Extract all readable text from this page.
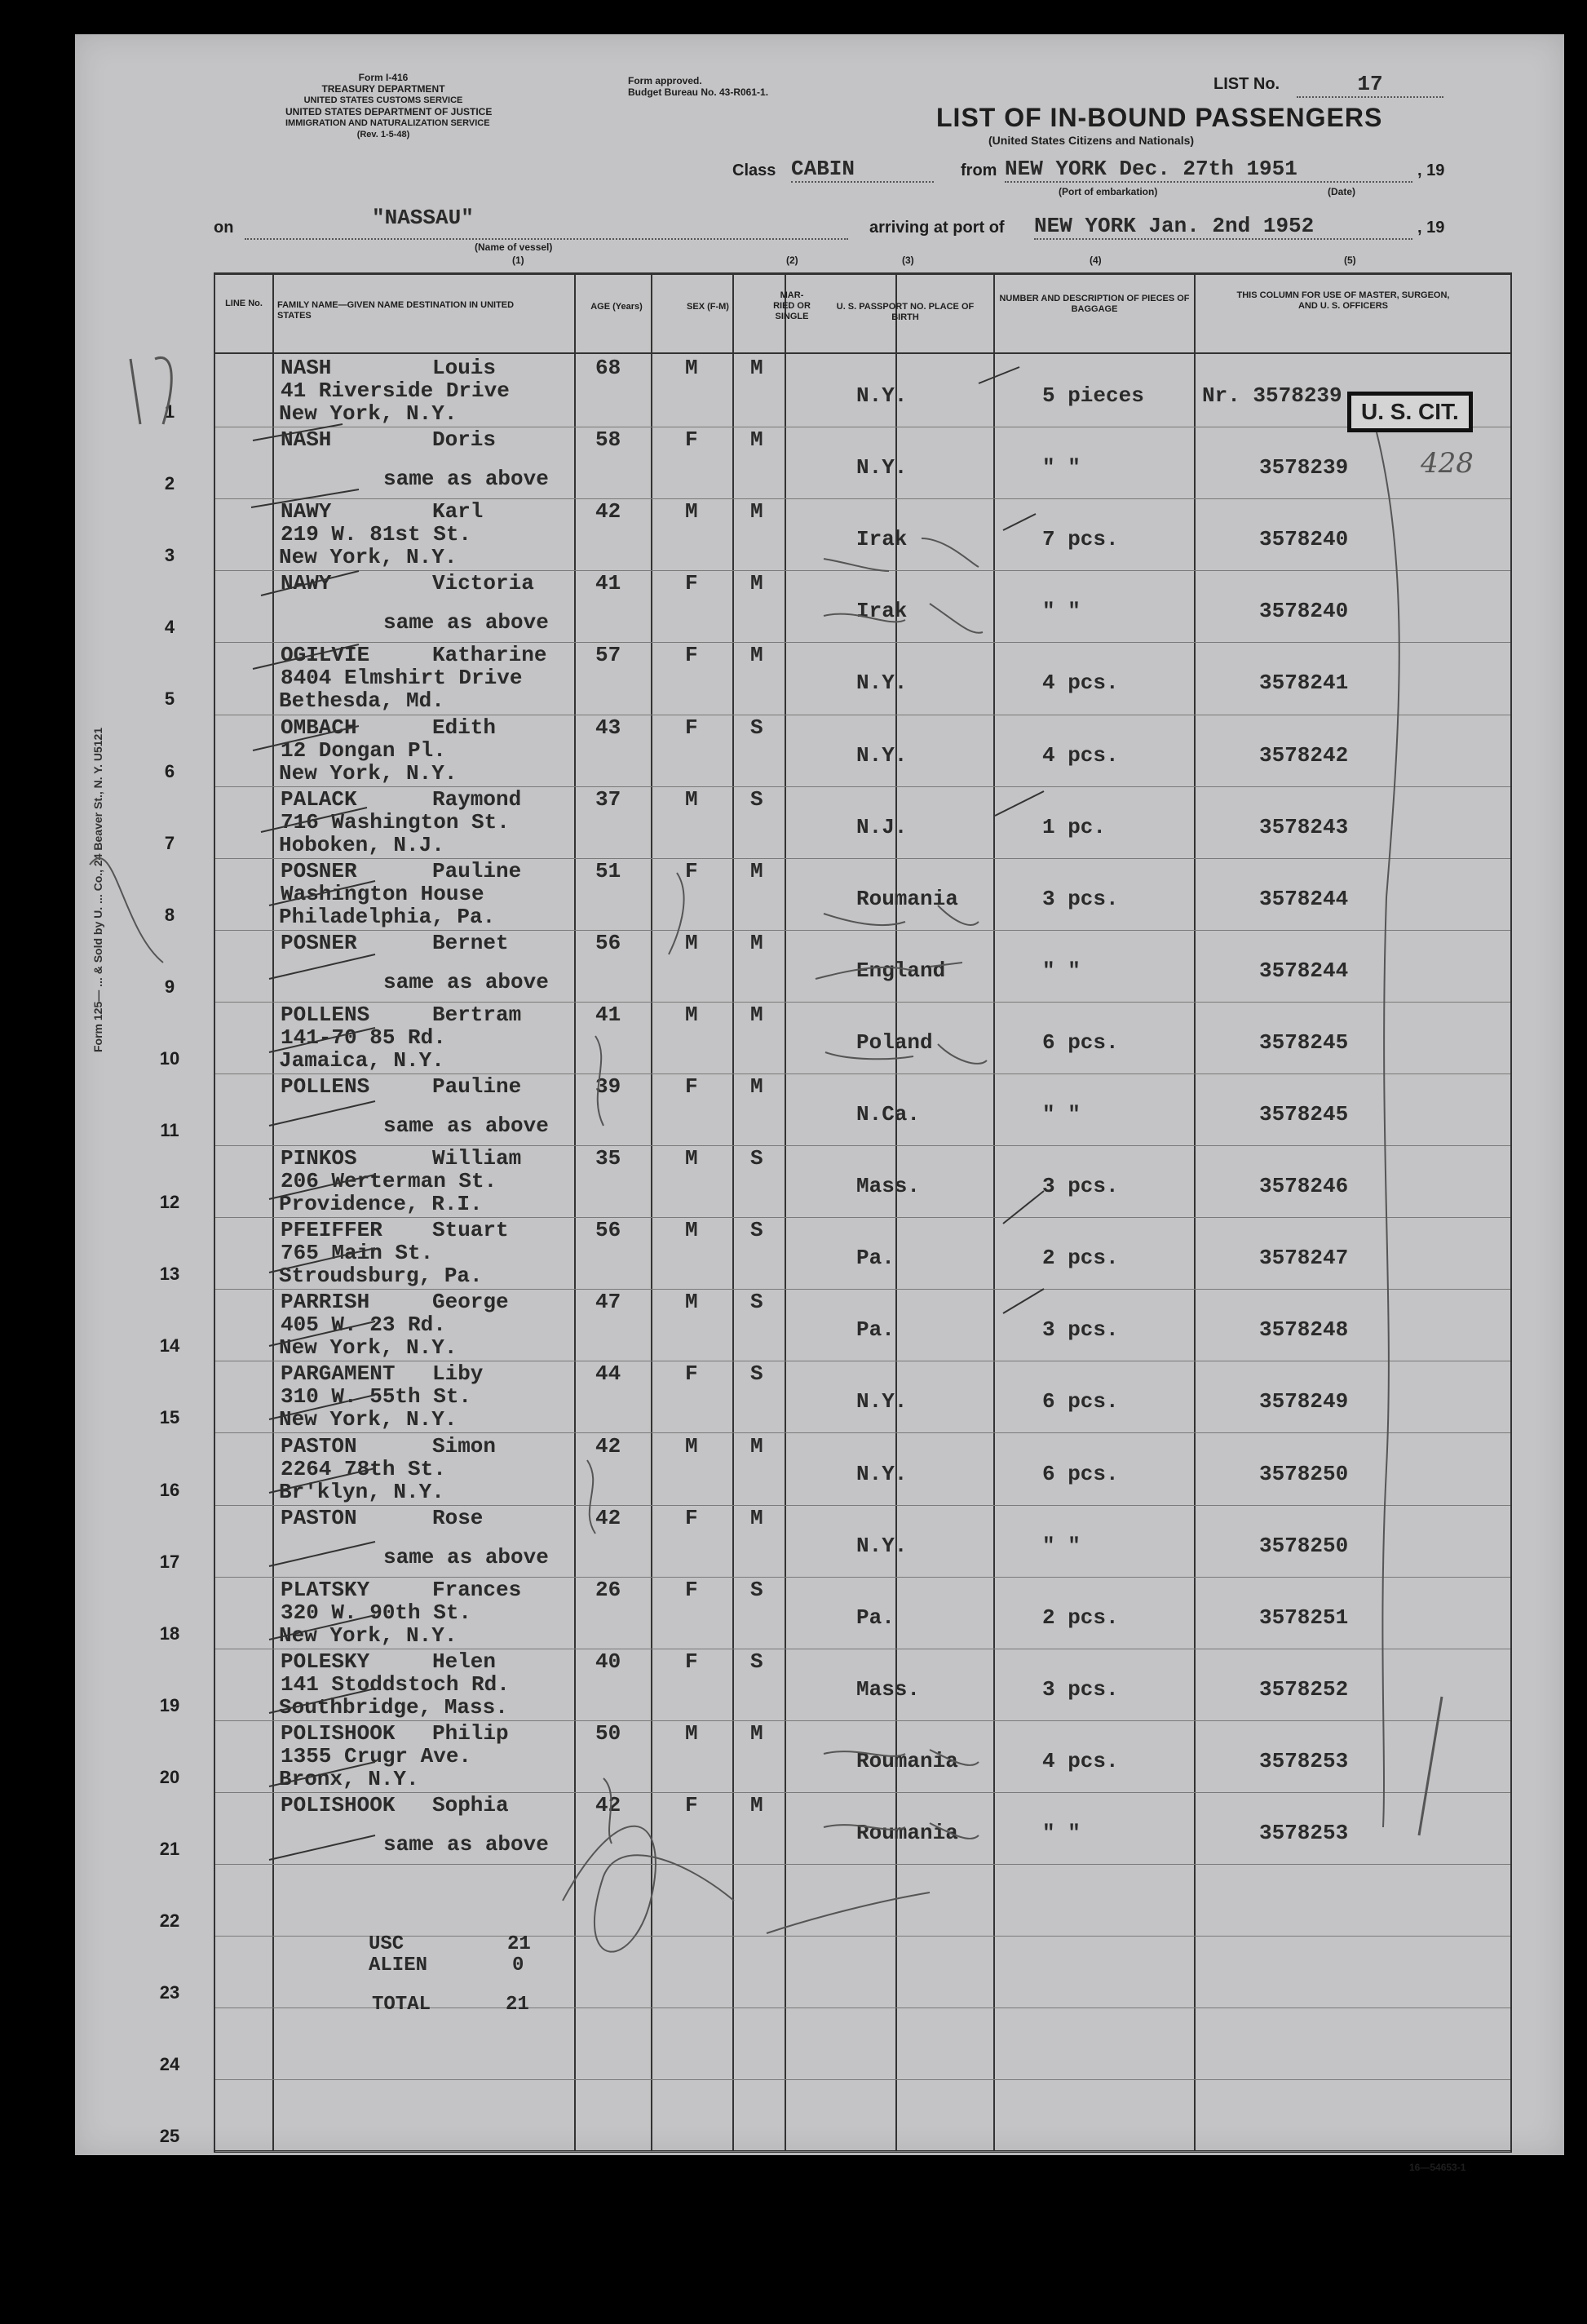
Form I-416
TREASURY DEPARTMENT
UNITED STATES CUSTOMS SERVICE
UNITED STATES DEPARTMENT OF JUSTICE
IMMIGRATION AND NATURALIZATION SERVICE
(Rev. 1-5-48)
Form approved.
Budget Bureau No. 43-R061-1.	LIST No.	17
LIST OF IN-BOUND PASSENGERS
(United States Citizens and Nationals)
Class CABIN	from NEW YORK Dec. 27th 1951	, 19
(Port of embarkation)	(Date)
on	"NASSAU"
(Name of vessel)
(1)
arriving at port of NEW YORK Jan. 2nd 1952	, 19
(2)	(3)	(4)	(5)
Form 125— ... & Sold by U. ... Co., 24 Beaver St., N. Y. U5121
LINE No.	FAMILY NAME—GIVEN NAME DESTINATION IN UNITED STATES
AGE (Years)	SEX (F-M)
MAR-RIED OR SINGLE
U. S. PASSPORT NO. PLACE OF BIRTH
NUMBER AND DESCRIPTION OF PIECES OF BAGGAGE
THIS COLUMN FOR USE OF MASTER, SURGEON, AND U. S. OFFICERS
1
NASH	Louis
41 Riverside Drive
New York, N.Y.
68	M M
N.Y.	5 pieces	Nr. 3578239
2
NASH	Doris
same as above
58	F M
N.Y.	" "	3578239
3
NAWY	Karl
219 W. 81st St.
New York, N.Y.
42	M M
Irak	7 pcs.	3578240
4
NAWY	Victoria
same as above
41	F M
Irak	" "	3578240
5
OGILVIE	Katharine
8404 Elmshirt Drive
Bethesda, Md.
57	F M
N.Y.	4 pcs.	3578241
6
OMBACH	Edith
12 Dongan Pl.
New York, N.Y.
43	F S
N.Y.	4 pcs.	3578242
7
PALACK	Raymond
716 Washington St.
Hoboken, N.J.
37	M S
N.J.	1 pc.	3578243
8
POSNER	Pauline
Washington House
Philadelphia, Pa.
51	F M
Roumania	3 pcs.	3578244
9
POSNER	Bernet
same as above
56	M M
England	" "	3578244
10
POLLENS	Bertram
141-70 85 Rd.
Jamaica, N.Y.
41	M M
Poland	6 pcs.	3578245
11
POLLENS	Pauline
same as above
39	F M
N.Ca.	" "	3578245
12
PINKOS	William
206 Werterman St.
Providence, R.I.
35	M S
Mass.	3 pcs.	3578246
13
PFEIFFER Stuart
765 Main St.
Stroudsburg, Pa.
56	M S
Pa.	2 pcs.	3578247
14
PARRISH	George
405 W. 23 Rd.
New York, N.Y.
47	M S
Pa.	3 pcs.	3578248
15
PARGAMENT Liby
310 W. 55th St.
New York, N.Y.
44	F S
N.Y.	6 pcs.	3578249
16
PASTON	Simon
2264 78th St.
Br'klyn, N.Y.
42	M M
N.Y.	6 pcs.	3578250
17
PASTON	Rose
same as above
42	F M
N.Y.	" "	3578250
18
PLATSKY	Frances
320 W. 90th St.
New York, N.Y.
26	F S
Pa.	2 pcs.	3578251
19
POLESKY	Helen
141 Stoddstoch Rd.
Southbridge, Mass.
40	F S
Mass.	3 pcs.	3578252
20
POLISHOOK Philip
1355 Crugr Ave.
Bronx, N.Y.
50	M M
Roumania	4 pcs.	3578253
21
POLISHOOK Sophia
same as above
42	F M
Roumania	" "	3578253
22
23
24
25
USC	21
ALIEN	0
TOTAL	21
U. S. CIT.
428
16—54653-1
